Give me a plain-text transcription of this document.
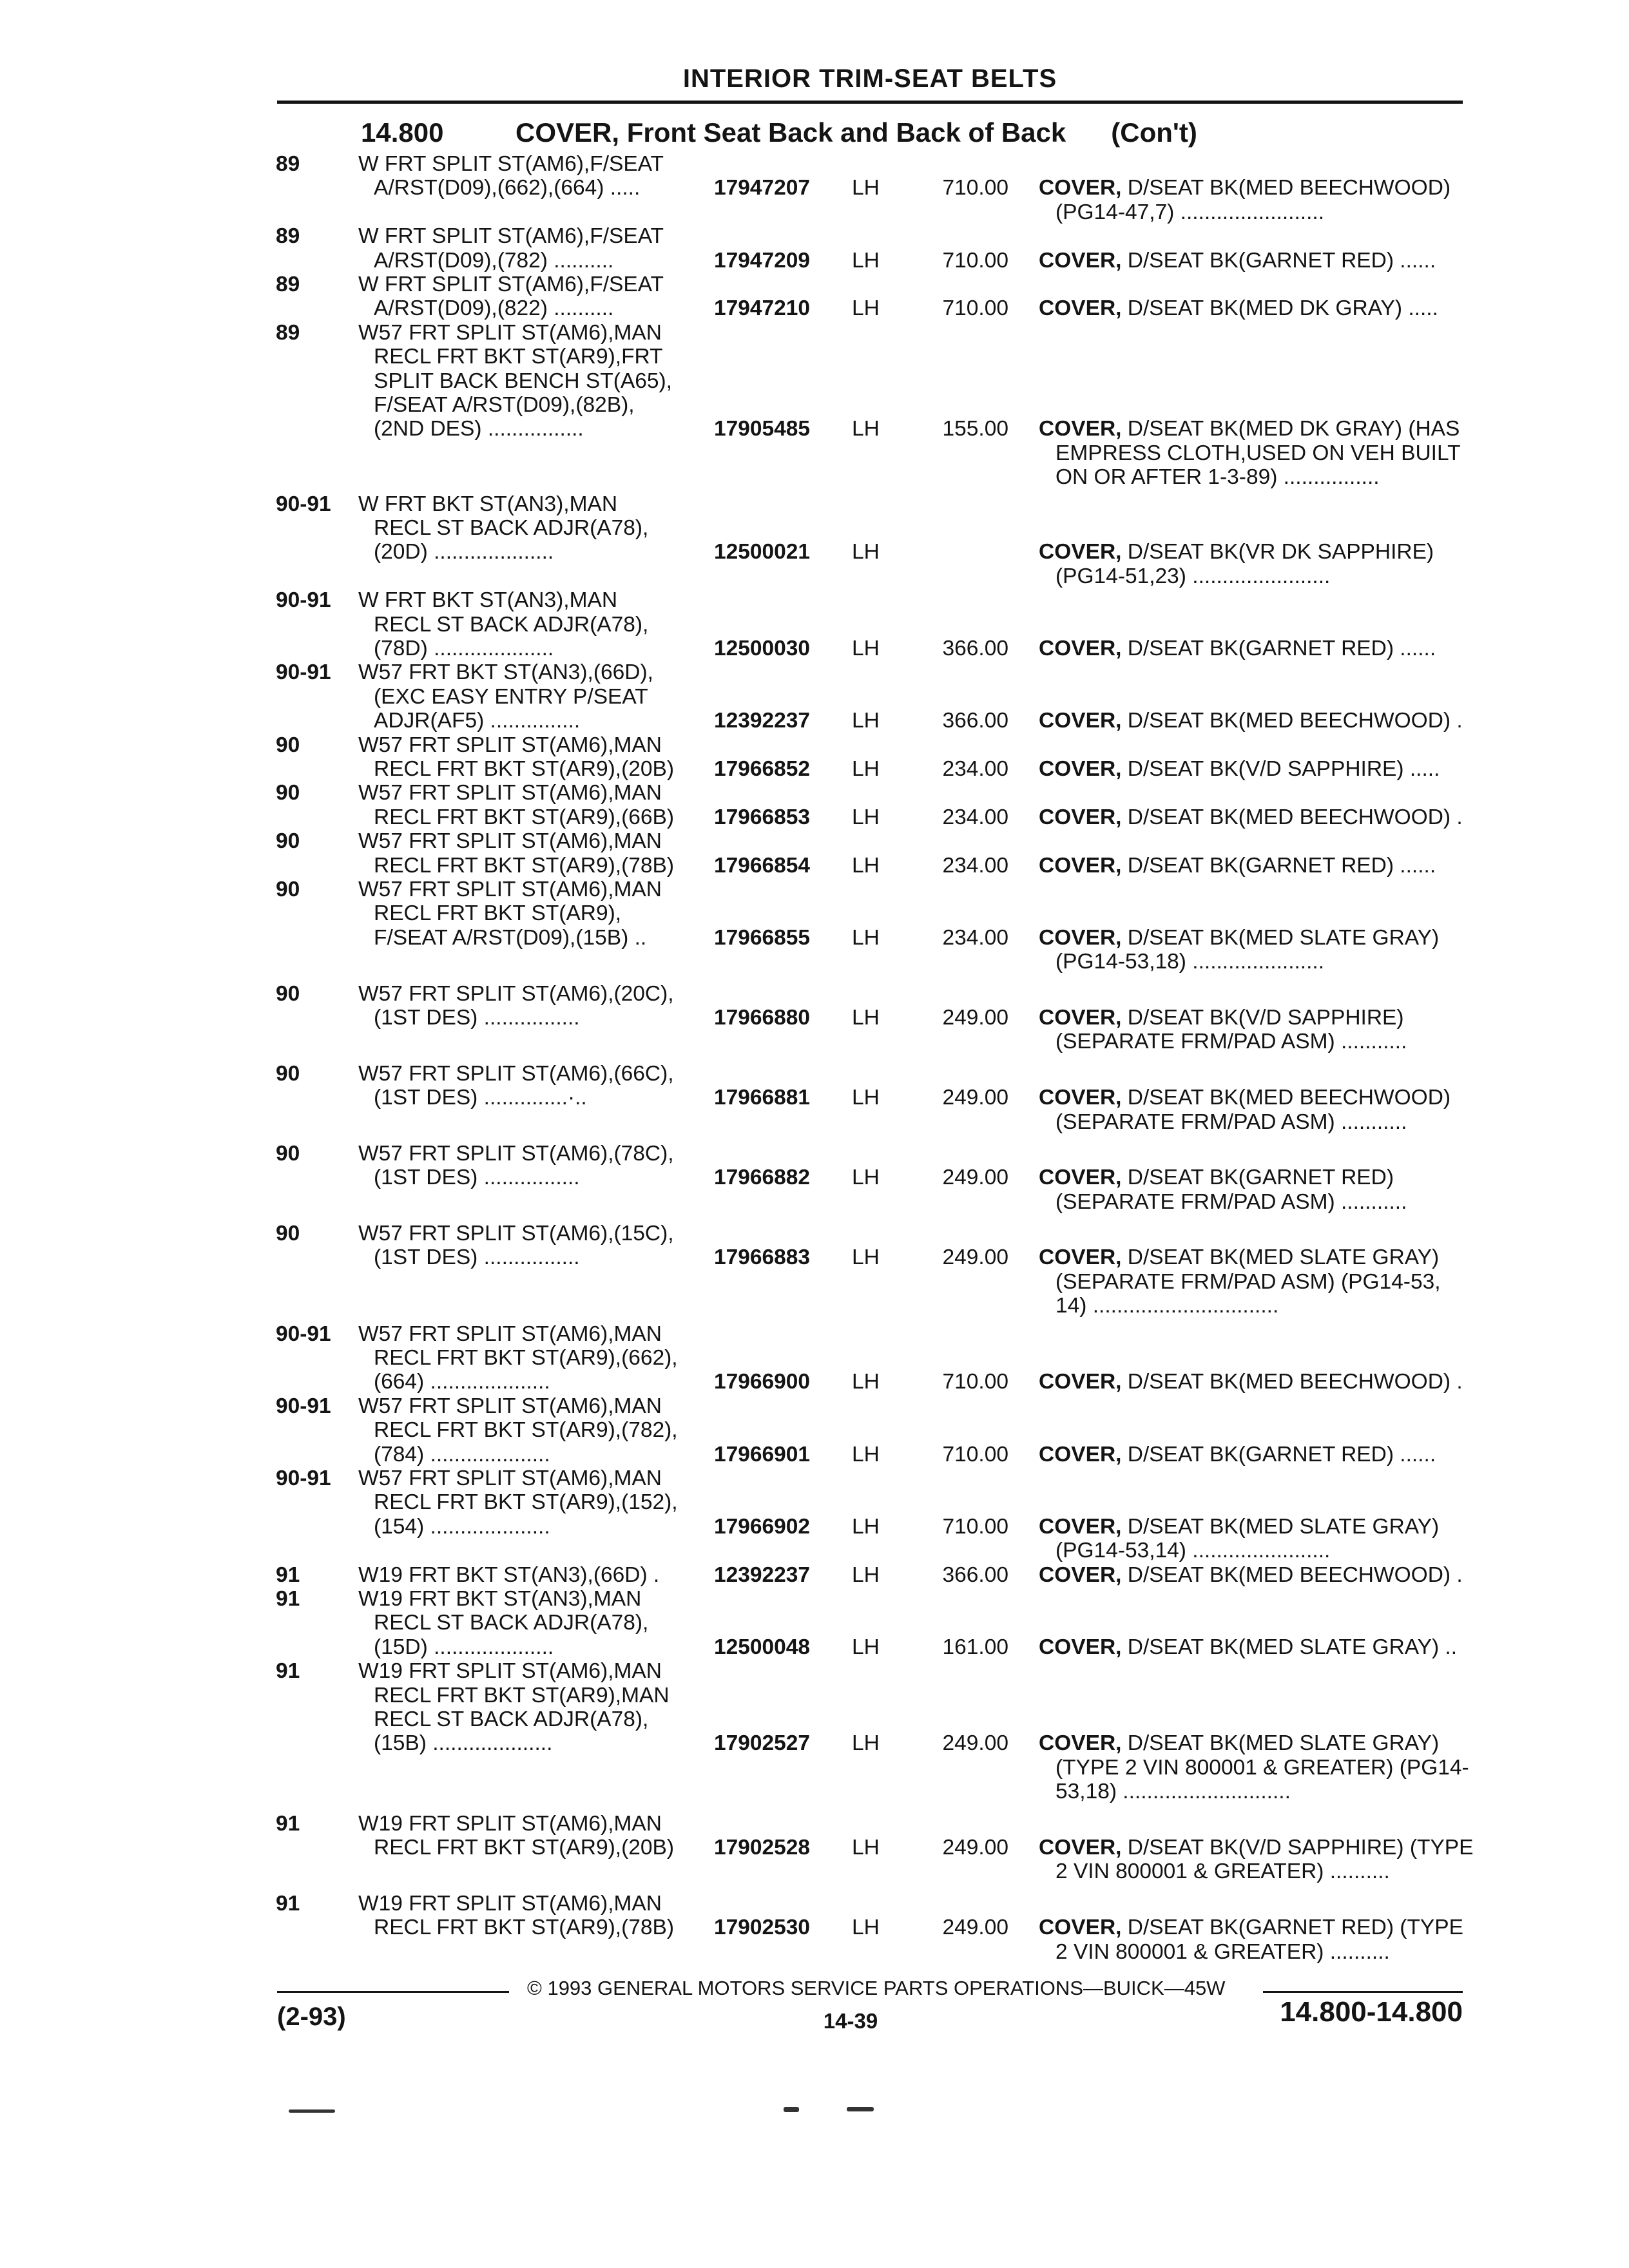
INTERIOR TRIM-SEAT BELTS
14.800	COVER, Front Seat Back and Back of Back (Con't)
89	W FRT SPLIT ST(AM6),F/SEAT
A/RST(D09),(662),(664) .....	17947207 LH	710.00 COVER, D/SEAT BK(MED BEECHWOOD)
(PG14-47,7) ........................
89	W FRT SPLIT ST(AM6),F/SEAT
A/RST(D09),(782) ..........	17947209 LH	710.00 COVER, D/SEAT BK(GARNET RED) ......
89	W FRT SPLIT ST(AM6),F/SEAT
A/RST(D09),(822) ..........	17947210 LH	710.00 COVER, D/SEAT BK(MED DK GRAY) .....
89	W57 FRT SPLIT ST(AM6),MAN
RECL FRT BKT ST(AR9),FRT
SPLIT BACK BENCH ST(A65),
F/SEAT A/RST(D09),(82B),
(2ND DES) ................	17905485 LH	155.00 COVER, D/SEAT BK(MED DK GRAY) (HAS
EMPRESS CLOTH,USED ON VEH BUILT
ON OR AFTER 1-3-89) ................
90-91 W FRT BKT ST(AN3),MAN
RECL ST BACK ADJR(A78),
(20D) ....................	12500021 LH	COVER, D/SEAT BK(VR DK SAPPHIRE)
(PG14-51,23) .......................
90-91 W FRT BKT ST(AN3),MAN
RECL ST BACK ADJR(A78),
(78D) ....................	12500030 LH	366.00 COVER, D/SEAT BK(GARNET RED) ......
90-91 W57 FRT BKT ST(AN3),(66D),
(EXC EASY ENTRY P/SEAT
ADJR(AF5) ...............	12392237 LH	366.00 COVER, D/SEAT BK(MED BEECHWOOD) .
90	W57 FRT SPLIT ST(AM6),MAN
RECL FRT BKT ST(AR9),(20B) 17966852 LH	234.00 COVER, D/SEAT BK(V/D SAPPHIRE) .....
90	W57 FRT SPLIT ST(AM6),MAN
RECL FRT BKT ST(AR9),(66B) 17966853 LH	234.00 COVER, D/SEAT BK(MED BEECHWOOD) .
90	W57 FRT SPLIT ST(AM6),MAN
RECL FRT BKT ST(AR9),(78B) 17966854 LH	234.00 COVER, D/SEAT BK(GARNET RED) ......
90	W57 FRT SPLIT ST(AM6),MAN
RECL FRT BKT ST(AR9),
F/SEAT A/RST(D09),(15B) ..	17966855 LH	234.00 COVER, D/SEAT BK(MED SLATE GRAY)
(PG14-53,18) ......................
90	W57 FRT SPLIT ST(AM6),(20C),
(1ST DES) ................	17966880 LH	249.00 COVER, D/SEAT BK(V/D SAPPHIRE)
(SEPARATE FRM/PAD ASM) ...........
90	W57 FRT SPLIT ST(AM6),(66C),
(1ST DES) ..............·..	17966881 LH	249.00 COVER, D/SEAT BK(MED BEECHWOOD)
(SEPARATE FRM/PAD ASM) ...........
90	W57 FRT SPLIT ST(AM6),(78C),
(1ST DES) ................	17966882 LH	249.00 COVER, D/SEAT BK(GARNET RED)
(SEPARATE FRM/PAD ASM) ...........
90	W57 FRT SPLIT ST(AM6),(15C),
(1ST DES) ................	17966883 LH	249.00 COVER, D/SEAT BK(MED SLATE GRAY)
(SEPARATE FRM/PAD ASM) (PG14-53,
14) ...............................
90-91 W57 FRT SPLIT ST(AM6),MAN
RECL FRT BKT ST(AR9),(662),
(664) ....................	17966900 LH	710.00 COVER, D/SEAT BK(MED BEECHWOOD) .
90-91 W57 FRT SPLIT ST(AM6),MAN
RECL FRT BKT ST(AR9),(782),
(784) ....................	17966901 LH	710.00 COVER, D/SEAT BK(GARNET RED) ......
90-91 W57 FRT SPLIT ST(AM6),MAN
RECL FRT BKT ST(AR9),(152),
(154) ....................	17966902 LH	710.00 COVER, D/SEAT BK(MED SLATE GRAY)
(PG14-53,14) .......................
91	W19 FRT BKT ST(AN3),(66D) .	12392237 LH	366.00 COVER, D/SEAT BK(MED BEECHWOOD) .
91	W19 FRT BKT ST(AN3),MAN
RECL ST BACK ADJR(A78),
(15D) ....................	12500048 LH	161.00 COVER, D/SEAT BK(MED SLATE GRAY) ..
91	W19 FRT SPLIT ST(AM6),MAN
RECL FRT BKT ST(AR9),MAN
RECL ST BACK ADJR(A78),
(15B) ....................	17902527 LH	249.00 COVER, D/SEAT BK(MED SLATE GRAY)
(TYPE 2 VIN 800001 & GREATER) (PG14-
53,18) ............................
91	W19 FRT SPLIT ST(AM6),MAN
RECL FRT BKT ST(AR9),(20B) 17902528 LH	249.00 COVER, D/SEAT BK(V/D SAPPHIRE) (TYPE
2 VIN 800001 & GREATER) ..........
91	W19 FRT SPLIT ST(AM6),MAN
RECL FRT BKT ST(AR9),(78B) 17902530 LH	249.00 COVER, D/SEAT BK(GARNET RED) (TYPE
2 VIN 800001 & GREATER) ..........
© 1993 GENERAL MOTORS SERVICE PARTS OPERATIONS—BUICK—45W
(2-93)	14-39	14.800-14.800
